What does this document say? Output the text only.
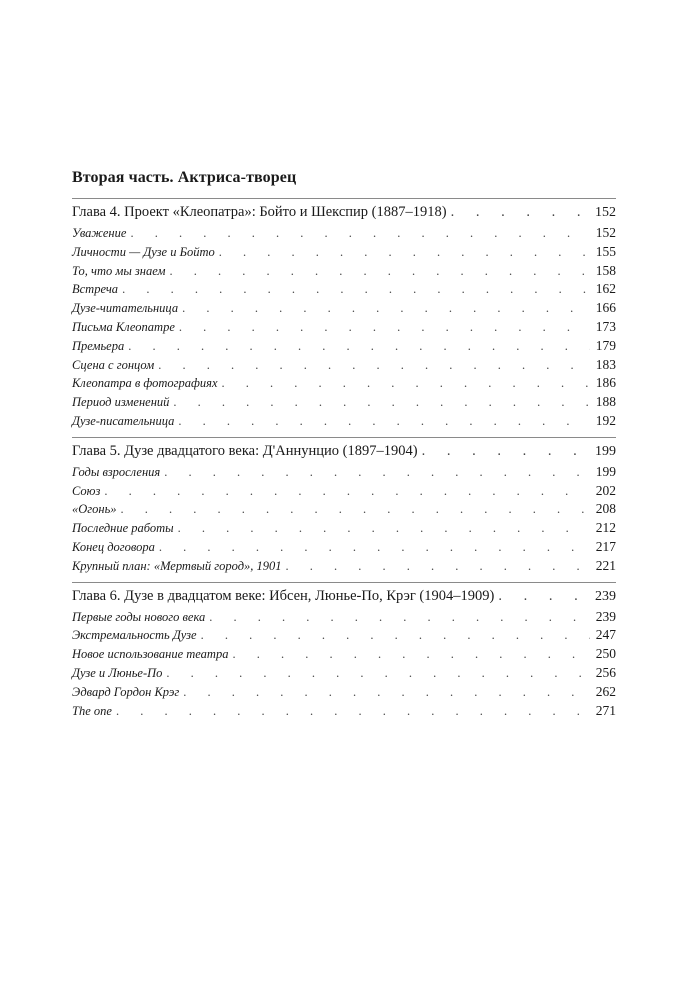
Вторая часть. Актриса-творец
Глава 4. Проект «Клеопатра»: Бойто и Шекспир (1887–1918) . . .	152
Уважение . . .	152
Личности — Дузе и Бойто . . .	155
То, что мы знаем . . .	158
Встреча . . .	162
Дузе-читательница . . .	166
Письма Клеопатре . . .	173
Премьера . . .	179
Сцена с гонцом . . .	183
Клеопатра в фотографиях . . .	186
Период изменений . . .	188
Дузе-писательница . . .	192
Глава 5. Дузе двадцатого века: Д'Аннунцио (1897–1904) . . .	199
Годы взросления . . .	199
Союз . . .	202
«Огонь» . . .	208
Последние работы . . .	212
Конец договора . . .	217
Крупный план: «Мертвый город», 1901 . . .	221
Глава 6. Дузе в двадцатом веке: Ибсен, Люнье-По, Крэг (1904–1909) . . .	239
Первые годы нового века . . .	239
Экстремальность Дузе . . .	247
Новое использование театра . . .	250
Дузе и Люнье-По . . .	256
Эдвард Гордон Крэг . . .	262
The one . . .	271
